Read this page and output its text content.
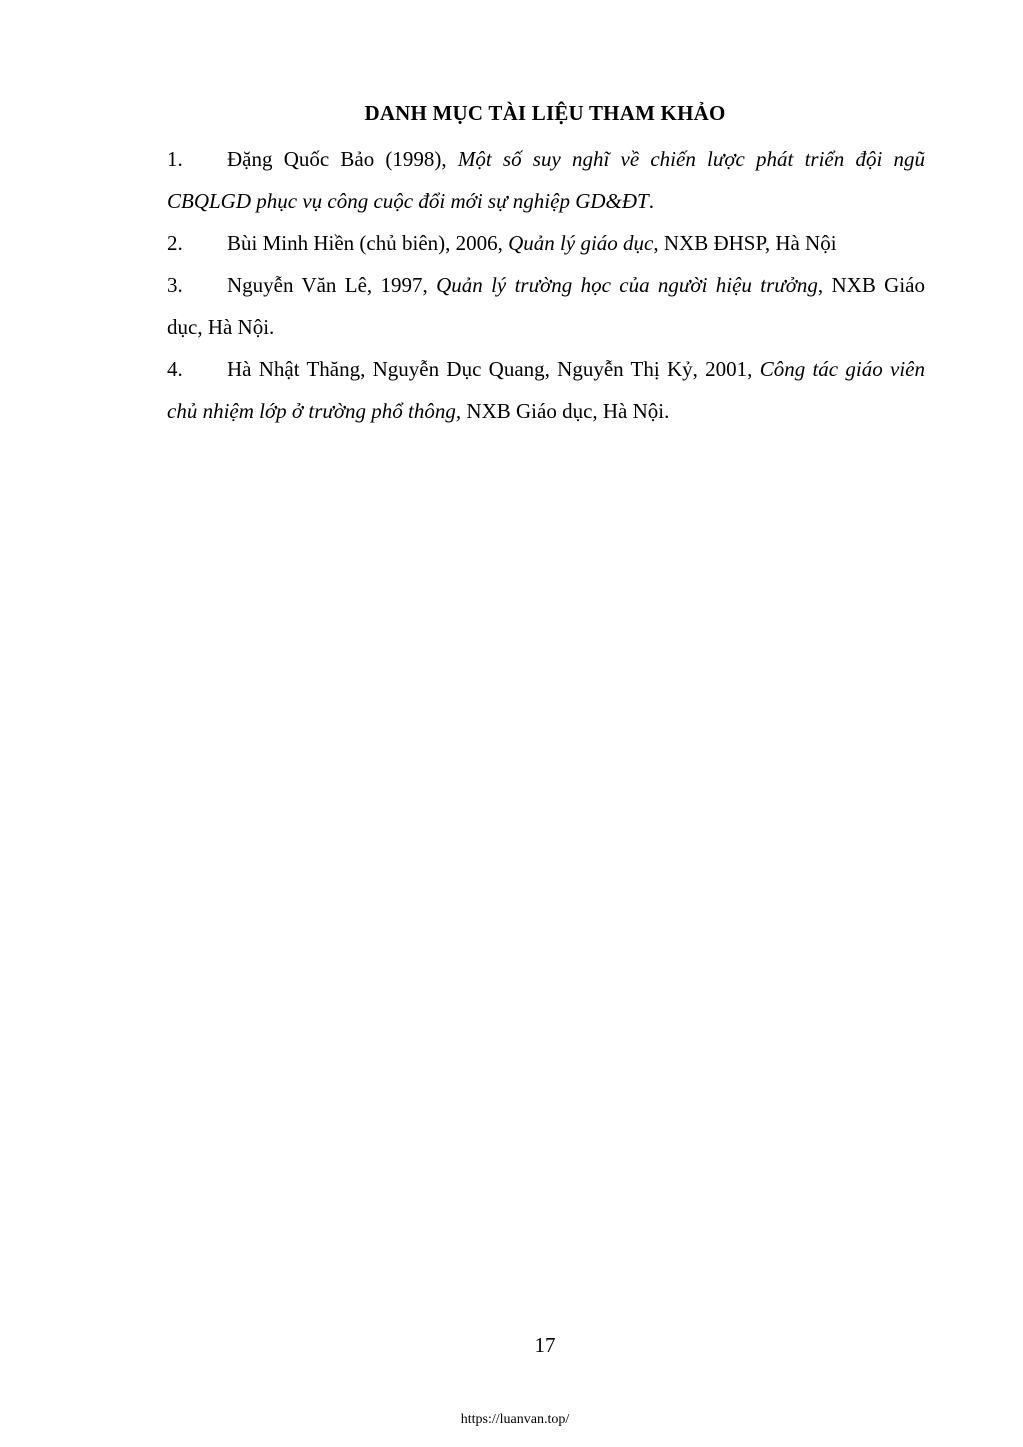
DANH MỤC TÀI LIỆU THAM KHẢO

1. Đặng Quốc Bảo (1998), Một số suy nghĩ về chiến lược phát triển đội ngũ CBQLGD phục vụ công cuộc đổi mới sự nghiệp GD&ĐT.

2. Bùi Minh Hiền (chủ biên), 2006, Quản lý giáo dục, NXB ĐHSP, Hà Nội

3. Nguyễn Văn Lê, 1997, Quản lý trường học của người hiệu trưởng, NXB Giáo dục, Hà Nội.

4. Hà Nhật Thăng, Nguyễn Dục Quang, Nguyễn Thị Kỷ, 2001, Công tác giáo viên chủ nhiệm lớp ở trường phổ thông, NXB Giáo dục, Hà Nội.

17
https://luanvan.top/
